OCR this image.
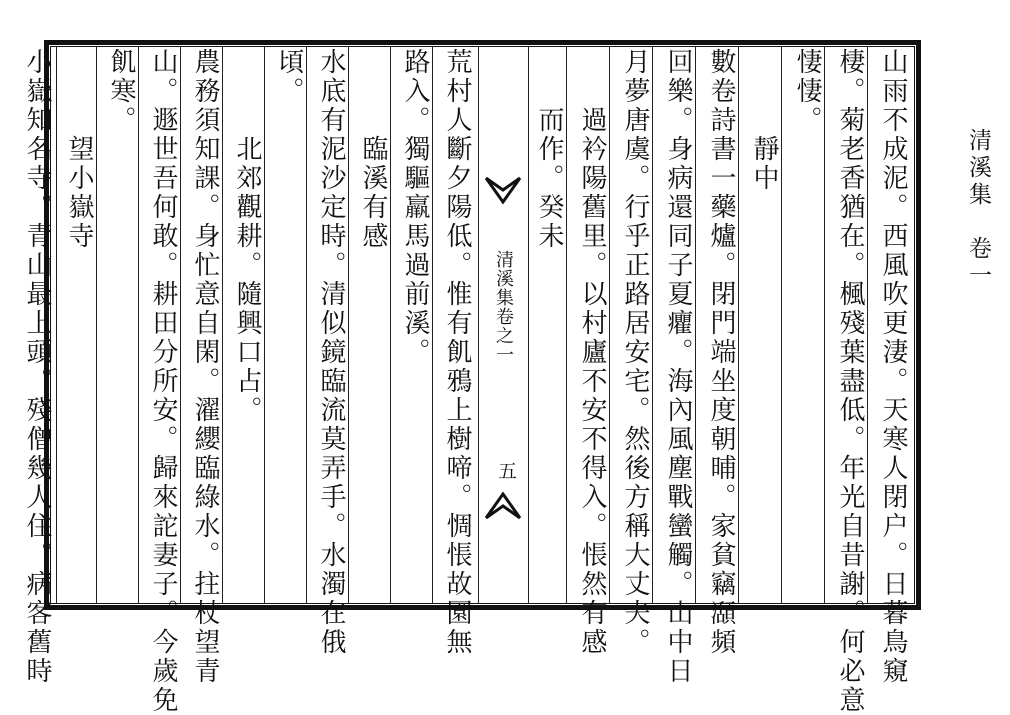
清溪集　卷一
山雨不成泥。西風吹更淒。天寒人閉户。日暮鳥窺
棲。菊老香猶在。楓殘葉盡低。年光自昔謝。何必意
悽悽。
　　　靜中
數卷詩書一藥爐。閉門端坐度朝晡。家貧竊𤁪頻
回樂。身病還同子夏癯。海內風塵戰蠻觸。山中日
月夢唐虞。行乎正路居安宅。然後方稱大丈夫。
　　過衿陽舊里。以村廬不安不得入。悵然有感
　　而作。癸未
清溪集卷之一
五
荒村人斷夕陽低。惟有飢鴉上樹啼。惆悵故園無
路入。獨驅羸馬過前溪。
　　　臨溪有感
水底有泥沙定時。清似鏡臨流莫弄手。水濁在俄
頃。
　　　北郊觀耕。隨興口占。
農務須知課。身忙意自閑。濯纓臨綠水。拄杖望青
山。遯世吾何敢。耕田分所安。歸來詑妻子。今歲免
飢寒。
　　　望小嶽寺
小嶽知名寺。青山最上頭。殘僧幾人住。病客舊時
